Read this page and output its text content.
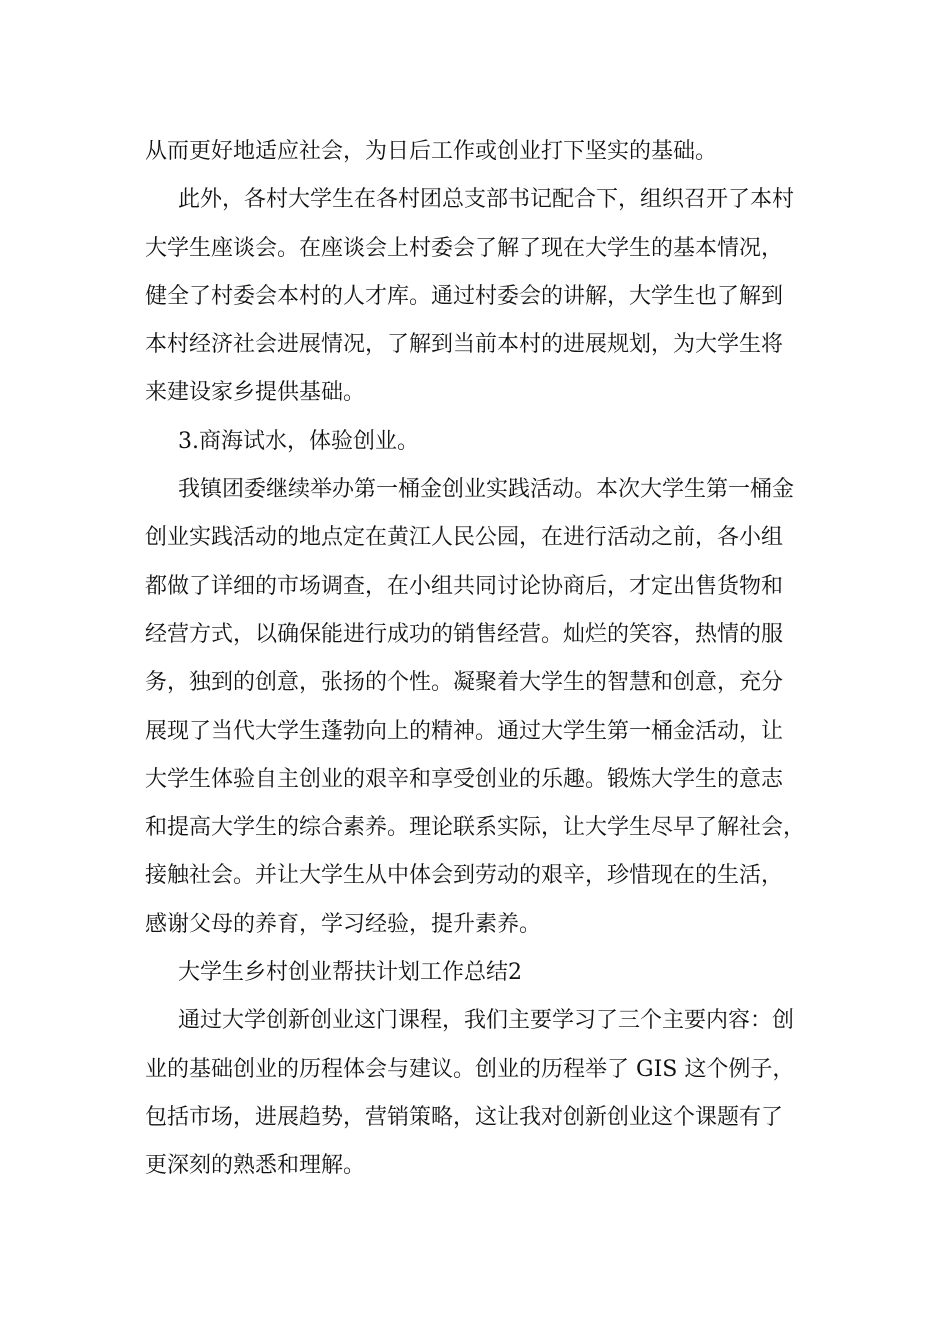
从而更好地适应社会，为日后工作或创业打下坚实的基础。
此外，各村大学生在各村团总支部书记配合下，组织召开了本村
大学生座谈会。在座谈会上村委会了解了现在大学生的基本情况，
健全了村委会本村的人才库。通过村委会的讲解，大学生也了解到
本村经济社会进展情况，了解到当前本村的进展规划，为大学生将
来建设家乡提供基础。
3.商海试水，体验创业。
我镇团委继续举办第一桶金创业实践活动。本次大学生第一桶金
创业实践活动的地点定在黄江人民公园，在进行活动之前，各小组
都做了详细的市场调查，在小组共同讨论协商后，才定出售货物和
经营方式，以确保能进行成功的销售经营。灿烂的笑容，热情的服
务，独到的创意，张扬的个性。凝聚着大学生的智慧和创意，充分
展现了当代大学生蓬勃向上的精神。通过大学生第一桶金活动，让
大学生体验自主创业的艰辛和享受创业的乐趣。锻炼大学生的意志
和提高大学生的综合素养。理论联系实际，让大学生尽早了解社会，
接触社会。并让大学生从中体会到劳动的艰辛，珍惜现在的生活，
感谢父母的养育，学习经验，提升素养。
大学生乡村创业帮扶计划工作总结2
通过大学创新创业这门课程，我们主要学习了三个主要内容：创
业的基础创业的历程体会与建议。创业的历程举了 GIS 这个例子，
包括市场，进展趋势，营销策略，这让我对创新创业这个课题有了
更深刻的熟悉和理解。
